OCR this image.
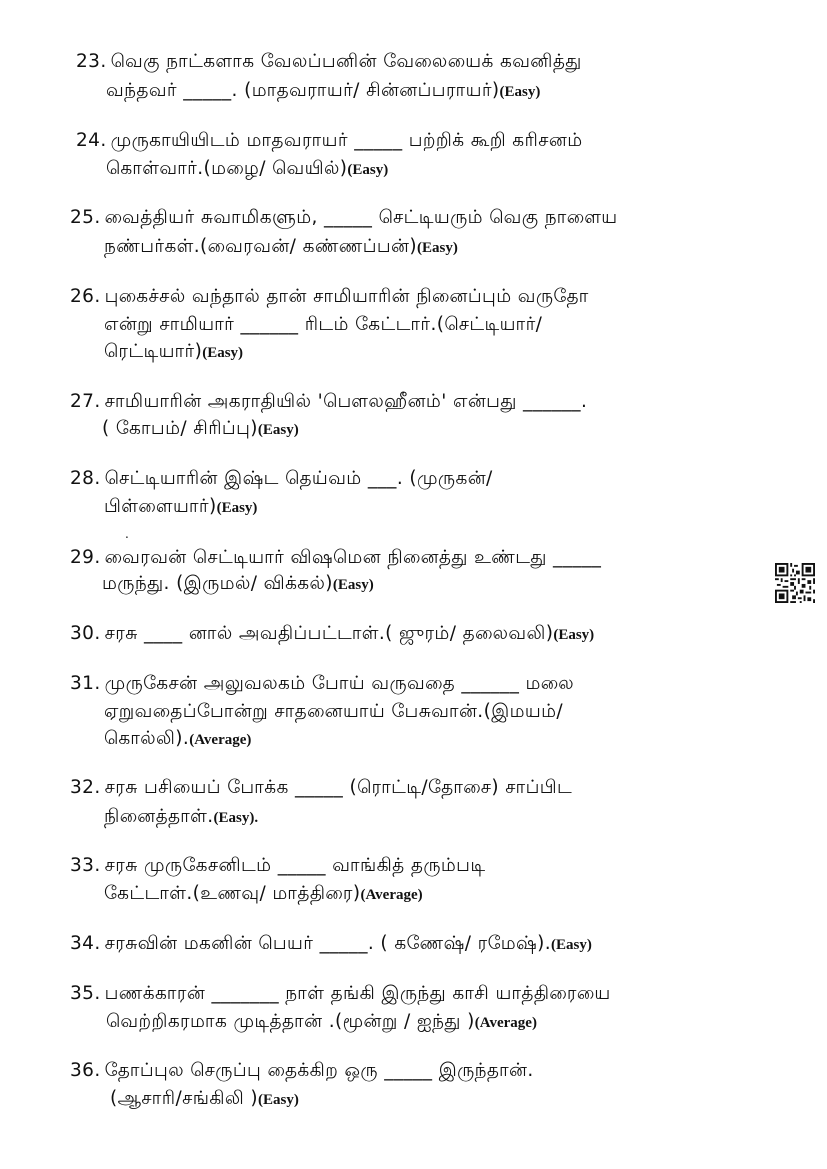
23. வெகு நாட்களாக வேலப்பனின் வேலையைக் கவனித்து
வந்தவர் _____. (மாதவராயர்/ சின்னப்பராயர்)(Easy)
24. முருகாயியிடம் மாதவராயர் _____ பற்றிக் கூறி கரிசனம்
கொள்வார்.(மழை/ வெயில்)(Easy)
25. வைத்தியர் சுவாமிகளும், _____ செட்டியரும் வெகு நாளைய
நண்பர்கள்.(வைரவன்/ கண்ணப்பன்)(Easy)
26. புகைச்சல் வந்தால் தான் சாமியாரின் நினைப்பும் வருதோ
என்று சாமியார் ______ ரிடம் கேட்டார்.(செட்டியார்/
ரெட்டியார்)(Easy)
27. சாமியாரின் அகராதியில் 'பௌலஹீனம்' என்பது ______.
( கோபம்/ சிரிப்பு)(Easy)
28. செட்டியாரின் இஷ்ட தெய்வம் ___. (முருகன்/
பிள்ளையார்)(Easy)
.
29. வைரவன் செட்டியார் விஷமென நினைத்து உண்டது _____
மருந்து. (இருமல்/ விக்கல்)(Easy)
30. சரசு ____ னால் அவதிப்பட்டாள்.( ஜுரம்/ தலைவலி)(Easy)
31. முருகேசன் அலுவலகம் போய் வருவதை ______ மலை
ஏறுவதைப்போன்று சாதனையாய் பேசுவான்.(இமயம்/
கொல்லி).(Average)
32. சரசு பசியைப் போக்க _____ (ரொட்டி/தோசை) சாப்பிட
நினைத்தாள்.(Easy).
33. சரசு முருகேசனிடம் _____ வாங்கித் தரும்படி
கேட்டாள்.(உணவு/ மாத்திரை)(Average)
34. சரசுவின் மகனின் பெயர் _____. ( கணேஷ்/ ரமேஷ்).(Easy)
35. பணக்காரன் _______ நாள் தங்கி இருந்து காசி யாத்திரையை
வெற்றிகரமாக முடித்தான் .(மூன்று / ஐந்து )(Average)
36. தோப்புல செருப்பு தைக்கிற ஒரு _____ இருந்தான்.
(ஆசாரி/சங்கிலி )(Easy)
